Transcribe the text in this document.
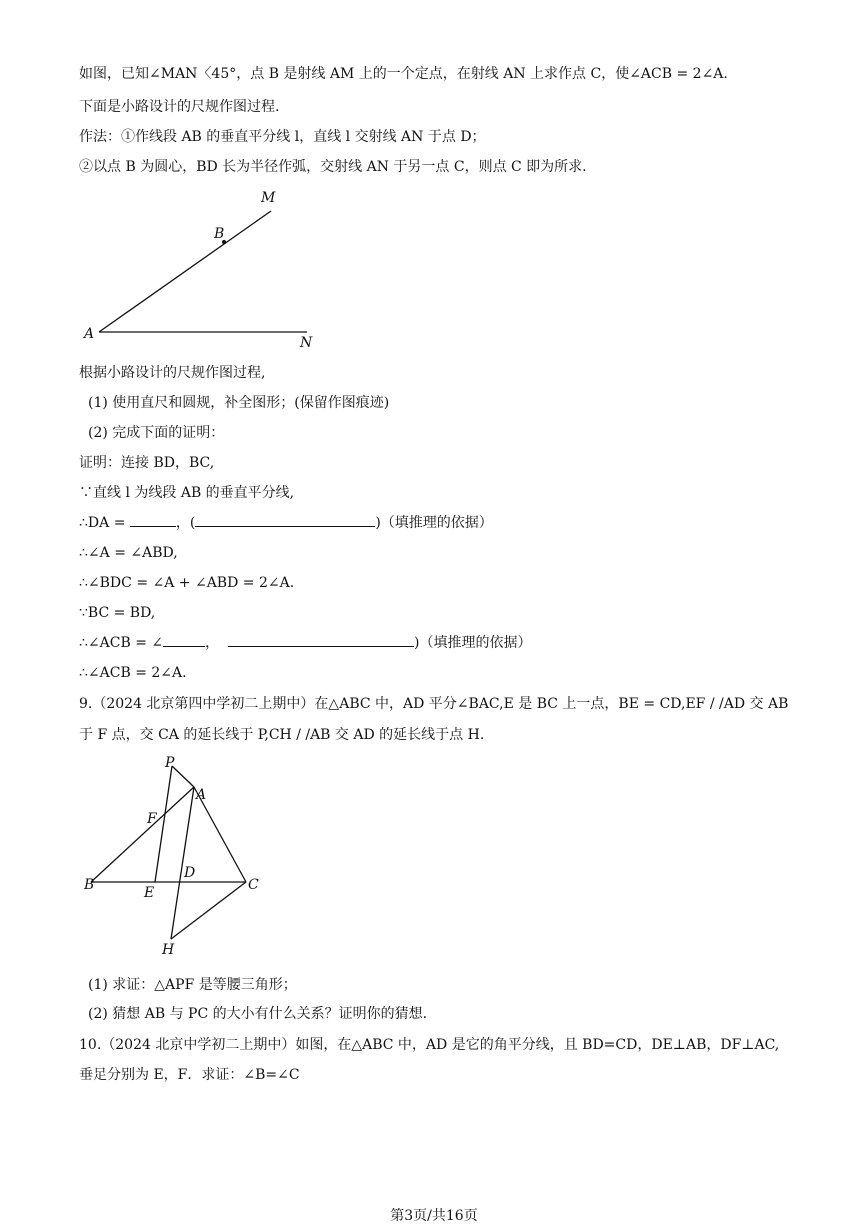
如图，已知∠MAN〈45°，点 B 是射线 AM 上的一个定点，在射线 AN 上求作点 C，使∠ACB = 2∠A.
下面是小路设计的尺规作图过程.
作法：①作线段 AB 的垂直平分线 l，直线 l 交射线 AN 于点 D；
②以点 B 为圆心，BD 长为半径作弧，交射线 AN 于另一点 C，则点 C 即为所求.
M
B
A
N
根据小路设计的尺规作图过程,
(1) 使用直尺和圆规，补全图形；(保留作图痕迹)
(2) 完成下面的证明：
证明：连接 BD，BC,
∵直线 l 为线段 AB 的垂直平分线,
∴DA =	，(	)（填推理的依据）
∴∠A = ∠ABD,
∴∠BDC = ∠A + ∠ABD = 2∠A.
∵BC = BD,
∴∠ACB = ∠	，	)（填推理的依据）
∴∠ACB = 2∠A.
9.（2024 北京第四中学初二上期中）在△ABC 中，AD 平分∠BAC,E 是 BC 上一点，BE = CD,EF / /AD 交 AB
于 F 点，交 CA 的延长线于 P,CH / /AB 交 AD 的延长线于点 H.
P
A
F
D
B	E	C
H
(1) 求证：△APF 是等腰三角形；
(2) 猜想 AB 与 PC 的大小有什么关系？证明你的猜想.
10.（2024 北京中学初二上期中）如图，在△ABC 中，AD 是它的角平分线，且 BD=CD，DE⊥AB，DF⊥AC,
垂足分别为 E，F．求证：∠B=∠C
第3页/共16页
